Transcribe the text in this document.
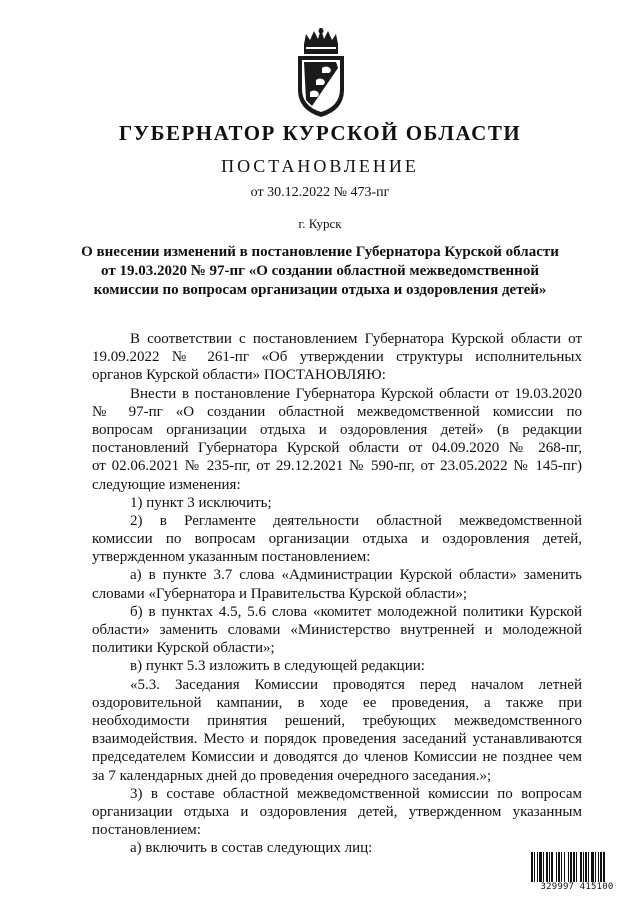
ГУБЕРНАТОР КУРСКОЙ ОБЛАСТИ
ПОСТАНОВЛЕНИЕ
от 30.12.2022 № 473-пг
г. Курск
О внесении изменений в постановление Губернатора Курской области
от 19.03.2020 № 97-пг «О создании областной межведомственной
комиссии по вопросам организации отдыха и оздоровления детей»
В соответствии с постановлением Губернатора Курской области от
19.09.2022 № 261-пг «Об утверждении структуры исполнительных
органов Курской области» ПОСТАНОВЛЯЮ:
Внести в постановление Губернатора Курской области от 19.03.2020
№ 97-пг «О создании областной межведомственной комиссии по
вопросам организации отдыха и оздоровления детей» (в редакции
постановлений Губернатора Курской области от 04.09.2020 № 268-пг,
от 02.06.2021 № 235-пг, от 29.12.2021 № 590-пг, от 23.05.2022 № 145-пг)
следующие изменения:
1) пункт 3 исключить;
2) в Регламенте деятельности областной межведомственной
комиссии по вопросам организации отдыха и оздоровления детей,
утвержденном указанным постановлением:
а) в пункте 3.7 слова «Администрации Курской области» заменить
словами «Губернатора и Правительства Курской области»;
б) в пунктах 4.5, 5.6 слова «комитет молодежной политики Курской
области» заменить словами «Министерство внутренней и молодежной
политики Курской области»;
в) пункт 5.3 изложить в следующей редакции:
«5.3. Заседания Комиссии проводятся перед началом летней
оздоровительной кампании, в ходе ее проведения, а также при
необходимости принятия решений, требующих межведомственного
взаимодействия. Место и порядок проведения заседаний устанавливаются
председателем Комиссии и доводятся до членов Комиссии не позднее чем
за 7 календарных дней до проведения очередного заседания.»;
3) в составе областной межведомственной комиссии по вопросам
организации отдыха и оздоровления детей, утвержденном указанным
постановлением:
а) включить в состав следующих лиц:
329997 415100
